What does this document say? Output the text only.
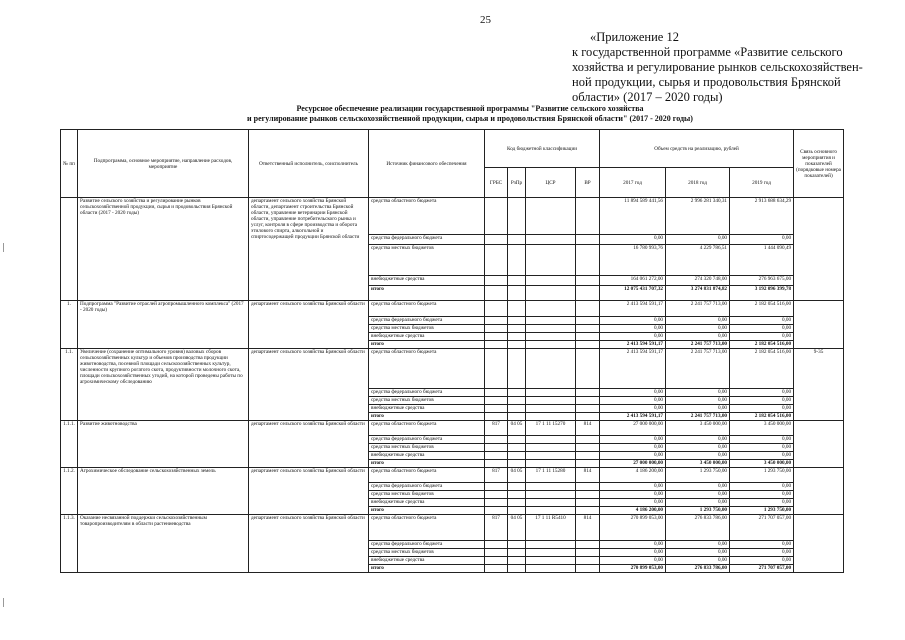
25
«Приложение 12
к государственной программе «Развитие сельского
хозяйства и регулирование рынков сельскохозяйствен-
ной продукции, сырья и продовольствия Брянской
области» (2017 – 2020 годы)
Ресурсное обеспечение реализации государственной программы "Развитие сельского хозяйства
и регулирование рынков сельскохозяйственной продукции, сырья и продовольствия Брянской области" (2017 - 2020 годы)
№ пп	Подпрограмма, основное мероприятие, направление расходов, мероприятие	Ответственный исполнитель, соисполнитель	Источник финансового обеспечения	Код бюджетной классификации				Объем средств на реализацию, рублей			Связь основного мероприятия и показателей (порядковые номера показателей)
				ГРБС	РзПр	ЦСР	ВР	2017 год	2018 год	2019 год	
	Развитие сельского хозяйства и регулирование рынков сельскохозяйственной продукции, сырья и продовольствия Брянской области (2017 - 2020 годы)	департамент сельского хозяйства Брянской области, департамент строительства Брянской области, управление ветеринарии Брянской области, управление потребительского рынка и услуг, контроля в сфере производства и оборота этилового спирта, алкогольной и спиртосодержащей продукции Брянской области	средства областного бюджета					11 894 589 441,56	2 996 281 340,31	2 913 688 634,29	
			средства федерального бюджета					0,00	0,00	0,00	
			средства местных бюджетов					16 780 993,76	4 229 786,51	1 444 090,49	
			внебюджетные средства					164 061 272,00	274 320 748,00	276 963 675,00	
			итого					12 075 431 707,32	3 274 831 874,82	3 192 096 399,78	
1.	Подпрограмма "Развитие отраслей агропромышленного комплекса" (2017 - 2020 годы)	департамент сельского хозяйства Брянской области	средства областного бюджета					2 413 594 591,17	2 241 757 713,00	2 182 054 516,00	
			средства федерального бюджета					0,00	0,00	0,00	
			средства местных бюджетов					0,00	0,00	0,00	
			внебюджетные средства					0,00	0,00	0,00	
			итого					2 413 594 591,17	2 241 757 713,00	2 182 054 516,00	
1.1.	Увеличение (сохранение оптимального уровня) валовых сборов сельскохозяйственных культур и объемов производства продукции животноводства, посевной площади сельскохозяйственных культур, численности крупного рогатого скота, продуктивности молочного скота, площади сельскохозяйственных угодий, на которой проведены работы по агрохимическому обследованию	департамент сельского хозяйства Брянской области	средства областного бюджета					2 413 594 591,17	2 241 757 713,00	2 182 054 516,00	9-35
			средства федерального бюджета					0,00	0,00	0,00	
			средства местных бюджетов					0,00	0,00	0,00	
			внебюджетные средства					0,00	0,00	0,00	
			итого					2 413 594 591,17	2 241 757 713,00	2 182 054 516,00	
1.1.1.	Развитие животноводства	департамент сельского хозяйства Брянской области	средства областного бюджета	817	04 05	17 1 11 15270	814	27 000 000,00	3 450 000,00	3 450 000,00	
			средства федерального бюджета					0,00	0,00	0,00	
			средства местных бюджетов					0,00	0,00	0,00	
			внебюджетные средства					0,00	0,00	0,00	
			итого					27 000 000,00	3 450 000,00	3 450 000,00	
1.1.2.	Агрохимическое обследование сельскохозяйственных земель	департамент сельского хозяйства Брянской области	средства областного бюджета	817	04 05	17 1 11 15280	814	4 186 200,00	1 293 750,00	1 293 750,00	
			средства федерального бюджета					0,00	0,00	0,00	
			средства местных бюджетов					0,00	0,00	0,00	
			внебюджетные средства					0,00	0,00	0,00	
			итого					4 186 200,00	1 293 750,00	1 293 750,00	
1.1.3.	Оказание несвязанной поддержки сельскохозяйственным товаропроизводителям в области растениеводства	департамент сельского хозяйства Брянской области	средства областного бюджета	817	04 05	17 1 11 R5410	814	270 899 053,00	276 833 786,00	271 707 057,00	
			средства федерального бюджета					0,00	0,00	0,00	
			средства местных бюджетов					0,00	0,00	0,00	
			внебюджетные средства					0,00	0,00	0,00	
			итого					270 899 053,00	276 833 786,00	271 707 057,00	
